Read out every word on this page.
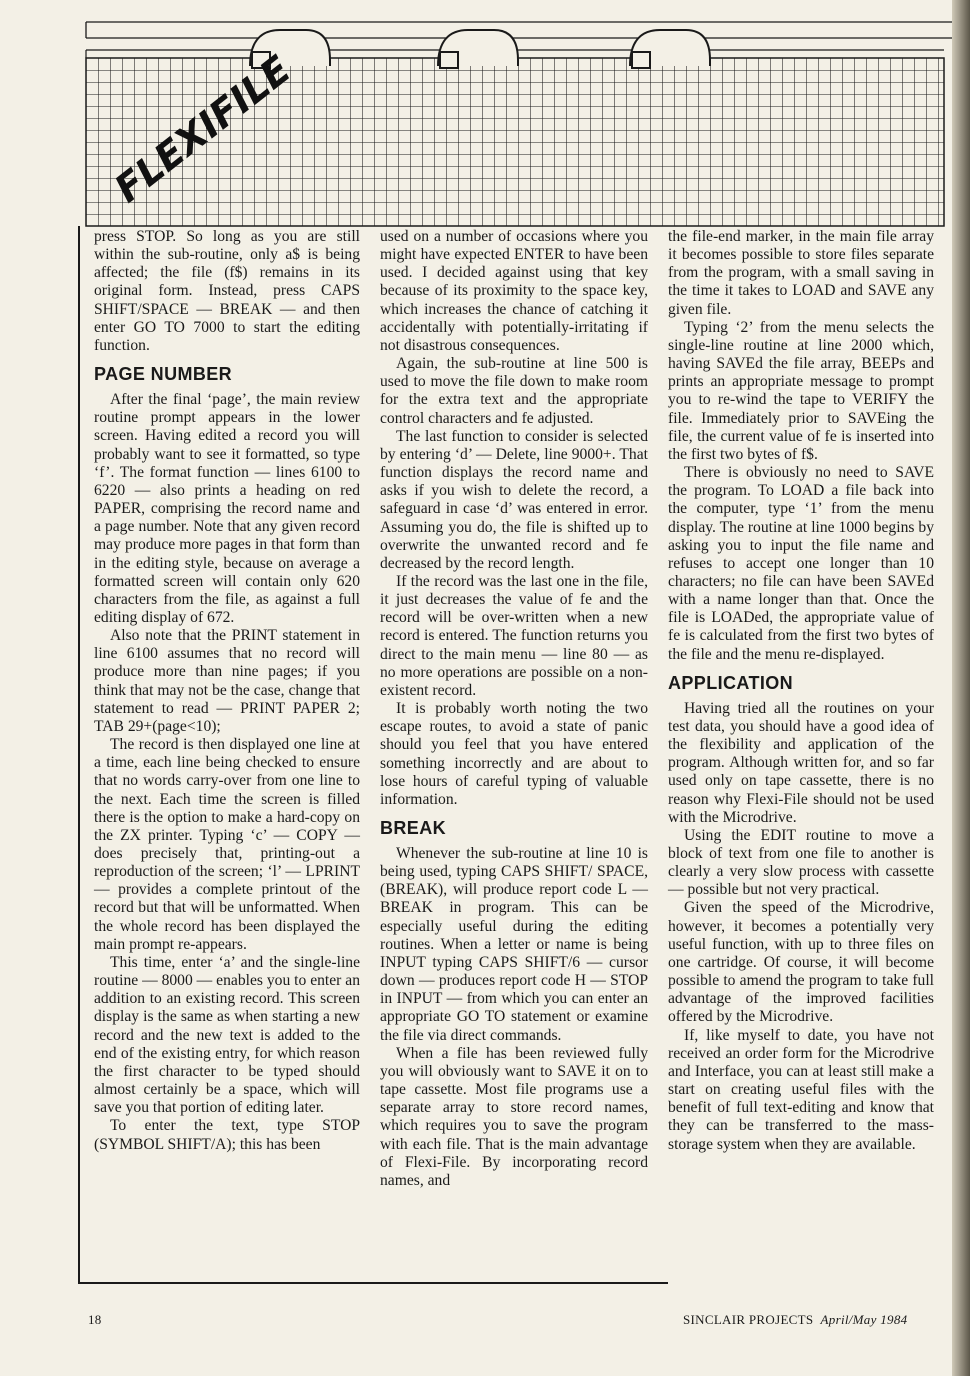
FLEXIFILE

press STOP. So long as you are still within the sub-routine, only a$ is being affected; the file (f$) remains in its original form. Instead, press CAPS SHIFT/SPACE — BREAK — and then enter GO TO 7000 to start the editing function.

PAGE NUMBER

After the final ‘page’, the main review routine prompt appears in the lower screen. Having edited a record you will probably want to see it formatted, so type ‘f’. The format function — lines 6100 to 6220 — also prints a heading on red PAPER, comprising the record name and a page number. Note that any given record may produce more pages in that form than in the editing style, because on average a formatted screen will contain only 620 characters from the file, as against a full editing display of 672.

Also note that the PRINT statement in line 6100 assumes that no record will produce more than nine pages; if you think that may not be the case, change that statement to read — PRINT PAPER 2; TAB 29+(page<10);

The record is then displayed one line at a time, each line being checked to ensure that no words carry-over from one line to the next. Each time the screen is filled there is the option to make a hard-copy on the ZX printer. Typing ‘c’ — COPY — does precisely that, printing-out a reproduction of the screen; ‘l’ — LPRINT — provides a complete printout of the record but that will be unformatted. When the whole record has been displayed the main prompt re-appears.

This time, enter ‘a’ and the single-line routine — 8000 — enables you to enter an addition to an existing record. This screen display is the same as when starting a new record and the new text is added to the end of the existing entry, for which reason the first character to be typed should almost certainly be a space, which will save you that portion of editing later.

To enter the text, type STOP (SYMBOL SHIFT/A); this has been

used on a number of occasions where you might have expected ENTER to have been used. I decided against using that key because of its proximity to the space key, which increases the chance of catching it accidentally with potentially-irritating if not disastrous consequences.

Again, the sub-routine at line 500 is used to move the file down to make room for the extra text and the appropriate control characters and fe adjusted.

The last function to consider is selected by entering ‘d’ — Delete, line 9000+. That function displays the record name and asks if you wish to delete the record, a safeguard in case ‘d’ was entered in error. Assuming you do, the file is shifted up to overwrite the unwanted record and fe decreased by the record length.

If the record was the last one in the file, it just decreases the value of fe and the record will be over-written when a new record is entered. The function returns you direct to the main menu — line 80 — as no more operations are possible on a non-existent record.

It is probably worth noting the two escape routes, to avoid a state of panic should you feel that you have entered something incorrectly and are about to lose hours of careful typing of valuable information.

BREAK

Whenever the sub-routine at line 10 is being used, typing CAPS SHIFT/ SPACE, (BREAK), will produce report code L — BREAK in program. This can be especially useful during the editing routines. When a letter or name is being INPUT typing CAPS SHIFT/6 — cursor down — produces report code H — STOP in INPUT — from which you can enter an appropriate GO TO statement or examine the file via direct commands.

When a file has been reviewed fully you will obviously want to SAVE it on to tape cassette. Most file programs use a separate array to store record names, which requires you to save the program with each file. That is the main advantage of Flexi-File. By incorporating record names, and

the file-end marker, in the main file array it becomes possible to store files separate from the program, with a small saving in the time it takes to LOAD and SAVE any given file.

Typing ‘2’ from the menu selects the single-line routine at line 2000 which, having SAVEd the file array, BEEPs and prints an appropriate message to prompt you to re-wind the tape to VERIFY the file. Immediately prior to SAVEing the file, the current value of fe is inserted into the first two bytes of f$.

There is obviously no need to SAVE the program. To LOAD a file back into the computer, type ‘1’ from the menu display. The routine at line 1000 begins by asking you to input the file name and refuses to accept one longer than 10 characters; no file can have been SAVEd with a name longer than that. Once the file is LOADed, the appropriate value of fe is calculated from the first two bytes of the file and the menu re-displayed.

APPLICATION

Having tried all the routines on your test data, you should have a good idea of the flexibility and application of the program. Although written for, and so far used only on tape cassette, there is no reason why Flexi-File should not be used with the Microdrive.

Using the EDIT routine to move a block of text from one file to another is clearly a very slow process with cassette — possible but not very practical.

Given the speed of the Microdrive, however, it becomes a potentially very useful function, with up to three files on one cartridge. Of course, it will become possible to amend the program to take full advantage of the improved facilities offered by the Microdrive.

If, like myself to date, you have not received an order form for the Microdrive and Interface, you can at least still make a start on creating useful files with the benefit of full text-editing and know that they can be transferred to the mass-storage system when they are available.

18	SINCLAIR PROJECTS April/May 1984
